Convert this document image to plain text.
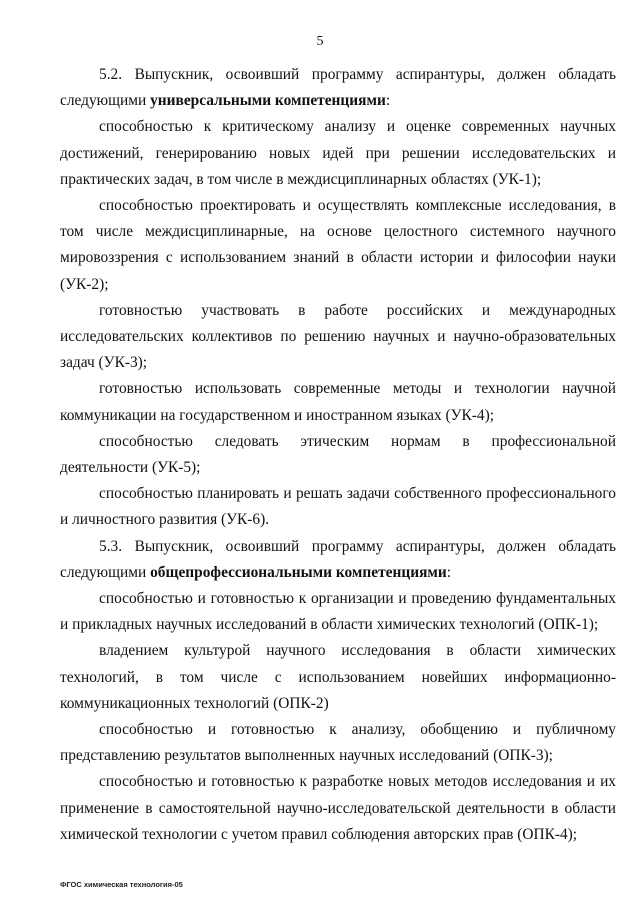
5

5.2. Выпускник, освоивший программу аспирантуры, должен обладать следующими универсальными компетенциями:

способностью к критическому анализу и оценке современных научных достижений, генерированию новых идей при решении исследовательских и практических задач, в том числе в междисциплинарных областях (УК-1);

способностью проектировать и осуществлять комплексные исследования, в том числе междисциплинарные, на основе целостного системного научного мировоззрения с использованием знаний в области истории и философии науки (УК-2);

готовностью участвовать в работе российских и международных исследовательских коллективов по решению научных и научно-образовательных задач (УК-3);

готовностью использовать современные методы и технологии научной коммуникации на государственном и иностранном языках (УК-4);

способностью следовать этическим нормам в профессиональной деятельности (УК-5);

способностью планировать и решать задачи собственного профессионального и личностного развития (УК-6).

5.3. Выпускник, освоивший программу аспирантуры, должен обладать следующими общепрофессиональными компетенциями:

способностью и готовностью к организации и проведению фундаментальных и прикладных научных исследований в области химических технологий (ОПК-1);

владением культурой научного исследования в области химических технологий, в том числе с использованием новейших информационно-коммуникационных технологий (ОПК-2)

способностью и готовностью к анализу, обобщению и публичному представлению результатов выполненных научных исследований (ОПК-3);

способностью и готовностью к разработке новых методов исследования и их применение в самостоятельной научно-исследовательской деятельности в области химической технологии с учетом правил соблюдения авторских прав (ОПК-4);

ФГОС химическая технология-05
